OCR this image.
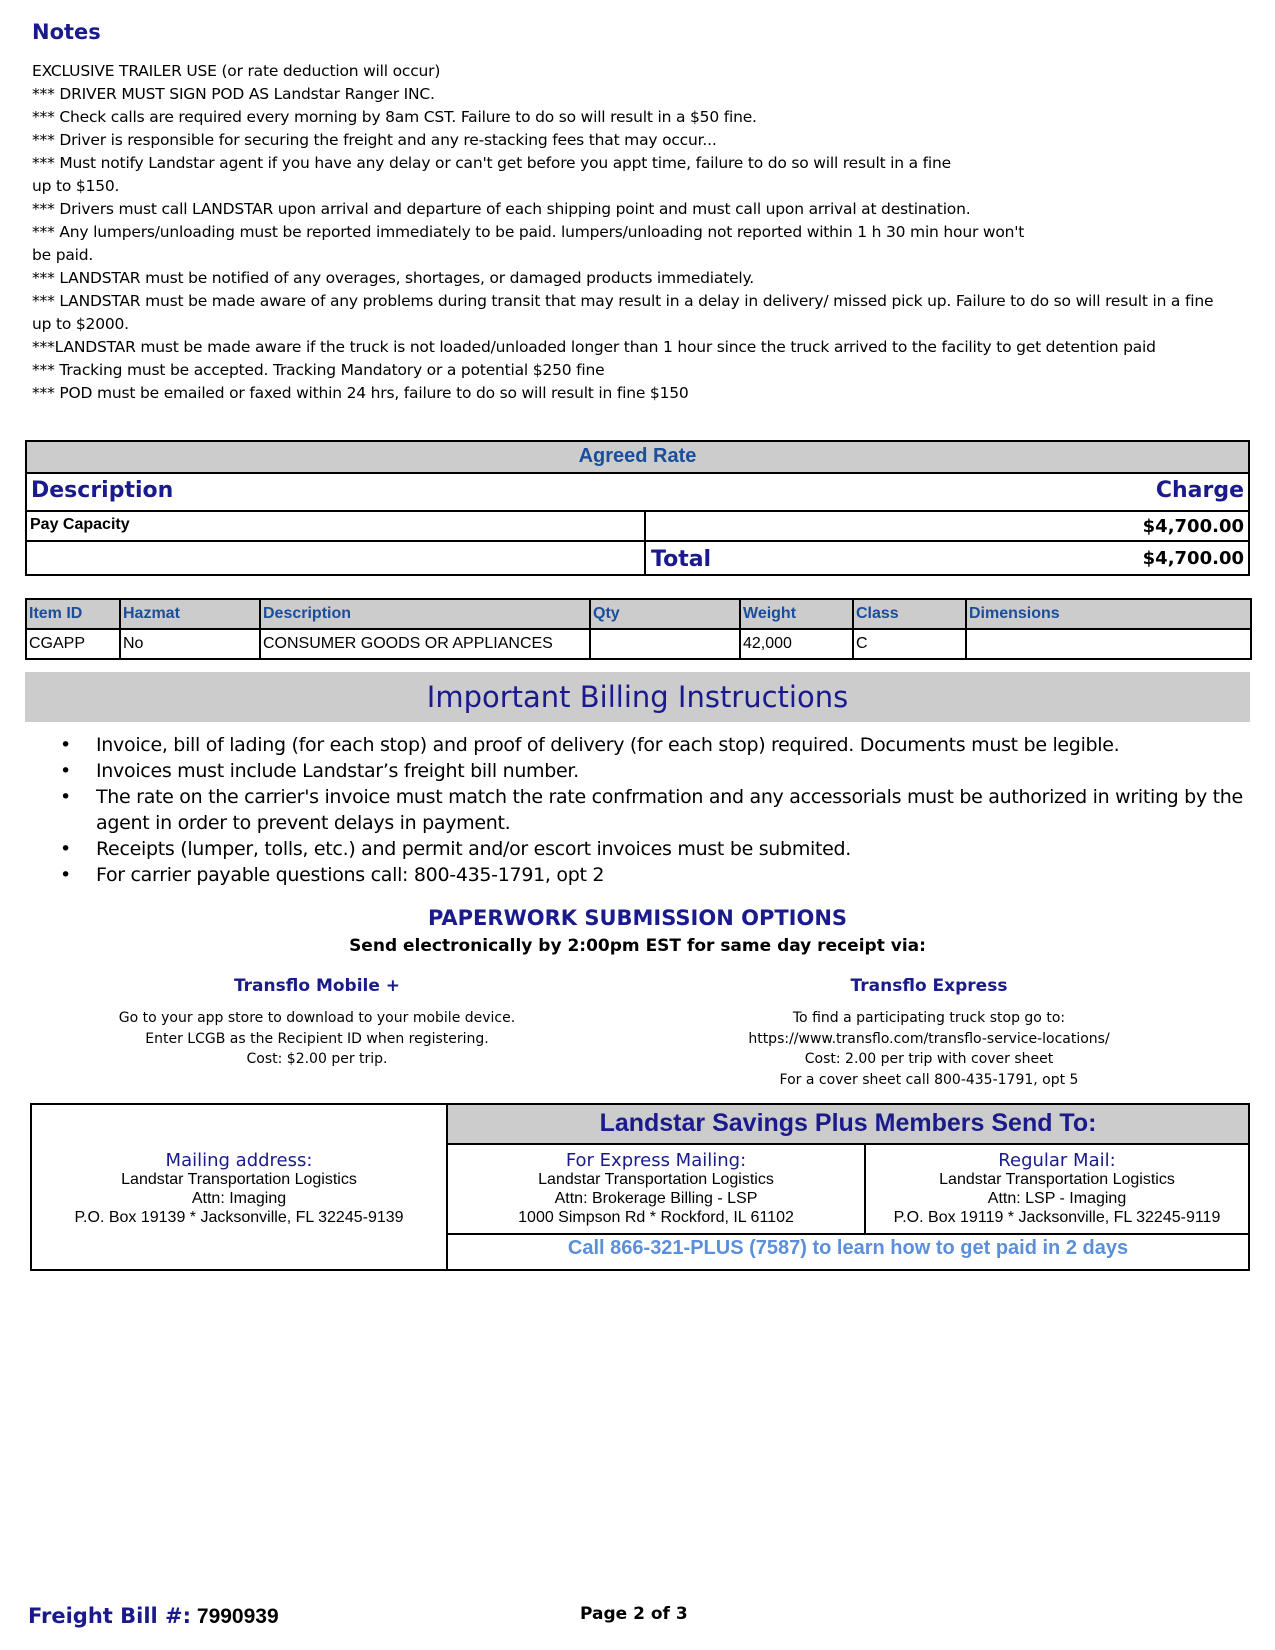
Notes
EXCLUSIVE TRAILER USE (or rate deduction will occur)
*** DRIVER MUST SIGN POD AS Landstar Ranger INC.
*** Check calls are required every morning by 8am CST. Failure to do so will result in a $50 fine.
*** Driver is responsible for securing the freight and any re-stacking fees that may occur...
*** Must notify Landstar agent if you have any delay or can't get before you appt time, failure to do so will result in a fine
up to $150.
*** Drivers must call LANDSTAR upon arrival and departure of each shipping point and must call upon arrival at destination.
*** Any lumpers/unloading must be reported immediately to be paid. lumpers/unloading not reported within 1 h 30 min hour won't
be paid.
*** LANDSTAR must be notified of any overages, shortages, or damaged products immediately.
*** LANDSTAR must be made aware of any problems during transit that may result in a delay in delivery/ missed pick up. Failure to do so will result in a fine
up to $2000.
***LANDSTAR must be made aware if the truck is not loaded/unloaded longer than 1 hour since the truck arrived to the facility to get detention paid
*** Tracking must be accepted. Tracking Mandatory or a potential $250 fine
*** POD must be emailed or faxed within 24 hrs, failure to do so will result in fine $150
Agreed Rate
Description	Charge
Pay Capacity	$4,700.00
Total	$4,700.00
Item ID	Hazmat	Description	Qty	Weight	Class	Dimensions
CGAPP	No	CONSUMER GOODS OR APPLIANCES		42,000	C	
Important Billing Instructions
• Invoice, bill of lading (for each stop) and proof of delivery (for each stop) required. Documents must be legible.
• Invoices must include Landstar’s freight bill number.
• The rate on the carrier's invoice must match the rate confrmation and any accessorials must be authorized in writing by the agent in order to prevent delays in payment.
• Receipts (lumper, tolls, etc.) and permit and/or escort invoices must be submited.
• For carrier payable questions call: 800-435-1791, opt 2
PAPERWORK SUBMISSION OPTIONS
Send electronically by 2:00pm EST for same day receipt via:
Transflo Mobile +
Go to your app store to download to your mobile device.
Enter LCGB as the Recipient ID when registering.
Cost: $2.00 per trip.
Transflo Express
To find a participating truck stop go to:
https://www.transflo.com/transflo-service-locations/
Cost: 2.00 per trip with cover sheet
For a cover sheet call 800-435-1791, opt 5
Landstar Savings Plus Members Send To:
Mailing address:
Landstar Transportation Logistics
Attn: Imaging
P.O. Box 19139 * Jacksonville, FL 32245-9139
For Express Mailing:
Landstar Transportation Logistics
Attn: Brokerage Billing - LSP
1000 Simpson Rd * Rockford, IL 61102
Regular Mail:
Landstar Transportation Logistics
Attn: LSP - Imaging
P.O. Box 19119 * Jacksonville, FL 32245-9119
Call 866-321-PLUS (7587) to learn how to get paid in 2 days
Freight Bill #: 7990939	Page 2 of 3
